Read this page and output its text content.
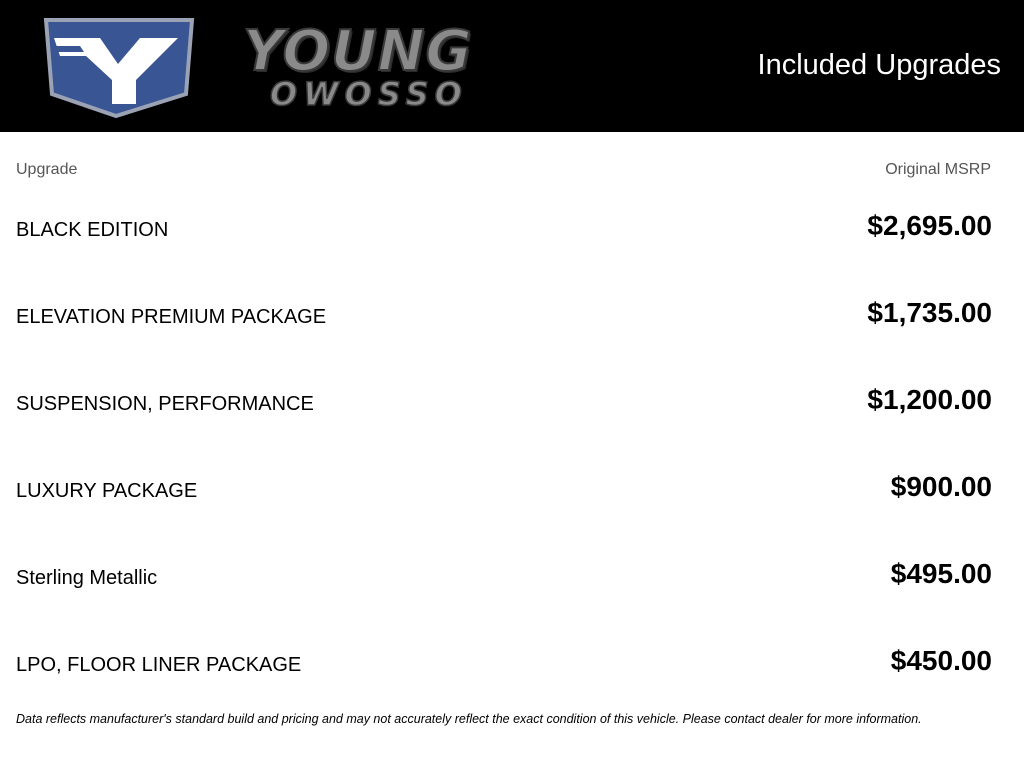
YOUNG
OWOSSO
Included Upgrades
Upgrade	Original MSRP
BLACK EDITION	$2,695.00
ELEVATION PREMIUM PACKAGE	$1,735.00
SUSPENSION, PERFORMANCE	$1,200.00
LUXURY PACKAGE	$900.00
Sterling Metallic	$495.00
LPO, FLOOR LINER PACKAGE	$450.00
Data reflects manufacturer's standard build and pricing and may not accurately reflect the exact condition of this vehicle. Please contact dealer for more information.
